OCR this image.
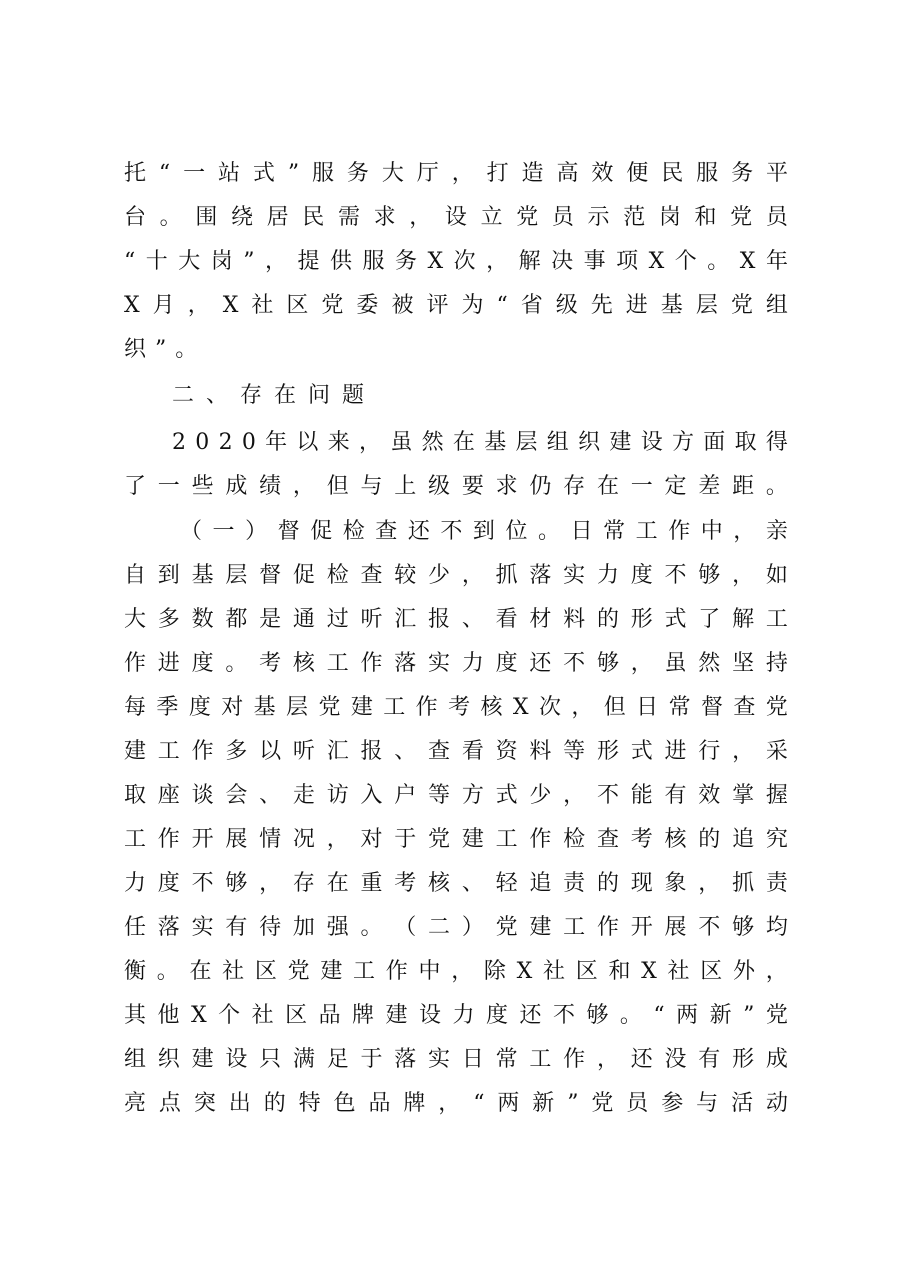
托 “ 一 站 式 ” 服 务 大 厅 ， 打 造 高 效 便 民 服 务 平
台 。 围 绕 居 民 需 求 ， 设 立 党 员 示 范 岗 和 党 员
“ 十 大 岗 ” ， 提 供 服 务 X 次 ， 解 决 事 项 X 个 。 X 年
X 月 ， X 社 区 党 委 被 评 为 “ 省 级 先 进 基 层 党 组
织”。
二、存在问题
2 0 2 0 年 以 来 ， 虽 然 在 基 层 组 织 建 设 方 面 取 得
了 一 些 成 绩 ， 但 与 上 级 要 求 仍 存 在 一 定 差 距 。
（ 一 ） 督 促 检 查 还 不 到 位 。 日 常 工 作 中 ， 亲
自 到 基 层 督 促 检 查 较 少 ， 抓 落 实 力 度 不 够 ， 如
大 多 数 都 是 通 过 听 汇 报 、 看 材 料 的 形 式 了 解 工
作 进 度 。 考 核 工 作 落 实 力 度 还 不 够 ， 虽 然 坚 持
每 季 度 对 基 层 党 建 工 作 考 核 X 次 ， 但 日 常 督 查 党
建 工 作 多 以 听 汇 报 、 查 看 资 料 等 形 式 进 行 ， 采
取 座 谈 会 、 走 访 入 户 等 方 式 少 ， 不 能 有 效 掌 握
工 作 开 展 情 况 ， 对 于 党 建 工 作 检 查 考 核 的 追 究
力 度 不 够 ， 存 在 重 考 核 、 轻 追 责 的 现 象 ， 抓 责
任 落 实 有 待 加 强 。 （ 二 ） 党 建 工 作 开 展 不 够 均
衡 。 在 社 区 党 建 工 作 中 ， 除 X 社 区 和 X 社 区 外 ，
其 他 X 个 社 区 品 牌 建 设 力 度 还 不 够 。 “ 两 新 ” 党
组 织 建 设 只 满 足 于 落 实 日 常 工 作 ， 还 没 有 形 成
亮 点 突 出 的 特 色 品 牌 ， “ 两 新 ” 党 员 参 与 活 动
